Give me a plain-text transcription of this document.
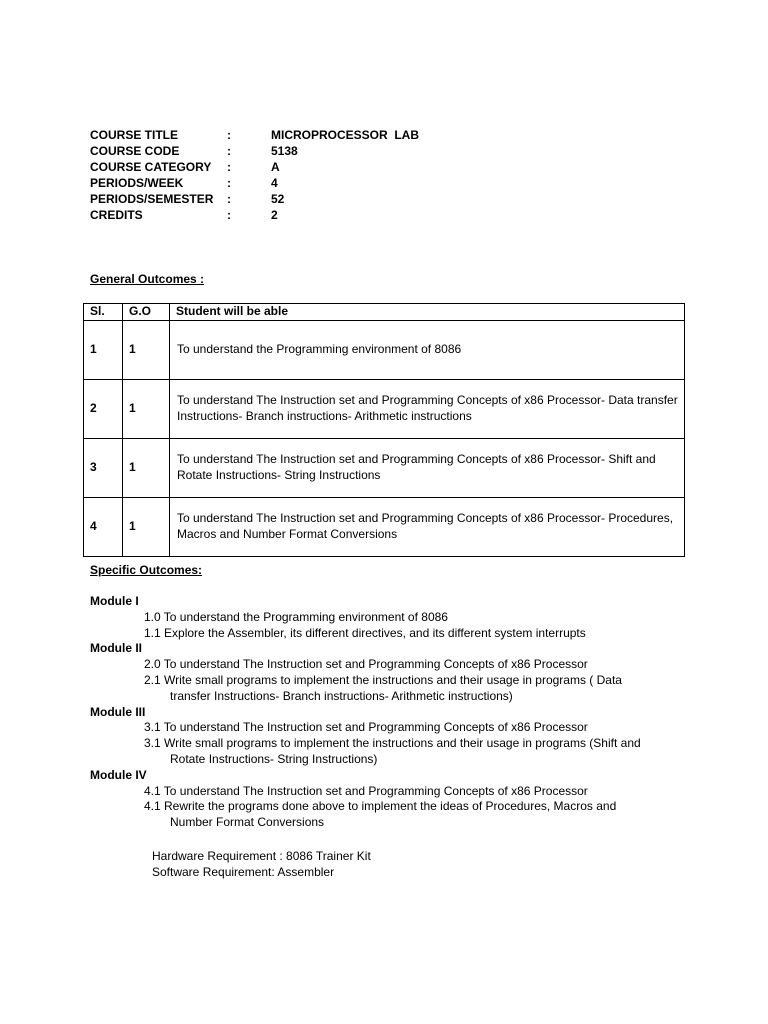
COURSE TITLE	:	MICROPROCESSOR  LAB
COURSE CODE	:	5138
COURSE CATEGORY	:	A
PERIODS/WEEK	:	4
PERIODS/SEMESTER	:	52
CREDITS	:	2
General Outcomes :
Sl.	G.O	Student will be able
1	1	To understand the Programming environment of 8086
2	1	To understand The Instruction set and Programming Concepts of x86 Processor- Data transfer Instructions- Branch instructions- Arithmetic instructions
3	1	To understand The Instruction set and Programming Concepts of x86 Processor- Shift and Rotate Instructions- String Instructions
4	1	To understand The Instruction set and Programming Concepts of x86 Processor- Procedures, Macros and Number Format Conversions
Specific Outcomes:
Module I
1.0 To understand the Programming environment of 8086
1.1 Explore the Assembler, its different directives, and its different system interrupts
Module II
2.0 To understand The Instruction set and Programming Concepts of x86 Processor
2.1 Write small programs to implement the instructions and their usage in programs ( Data
transfer Instructions- Branch instructions- Arithmetic instructions)
Module III
3.1 To understand The Instruction set and Programming Concepts of x86 Processor
3.1 Write small programs to implement the instructions and their usage in programs (Shift and
Rotate Instructions- String Instructions)
Module IV
4.1 To understand The Instruction set and Programming Concepts of x86 Processor
4.1 Rewrite the programs done above to implement the ideas of Procedures, Macros and
Number Format Conversions
Hardware Requirement : 8086 Trainer Kit
Software Requirement: Assembler
